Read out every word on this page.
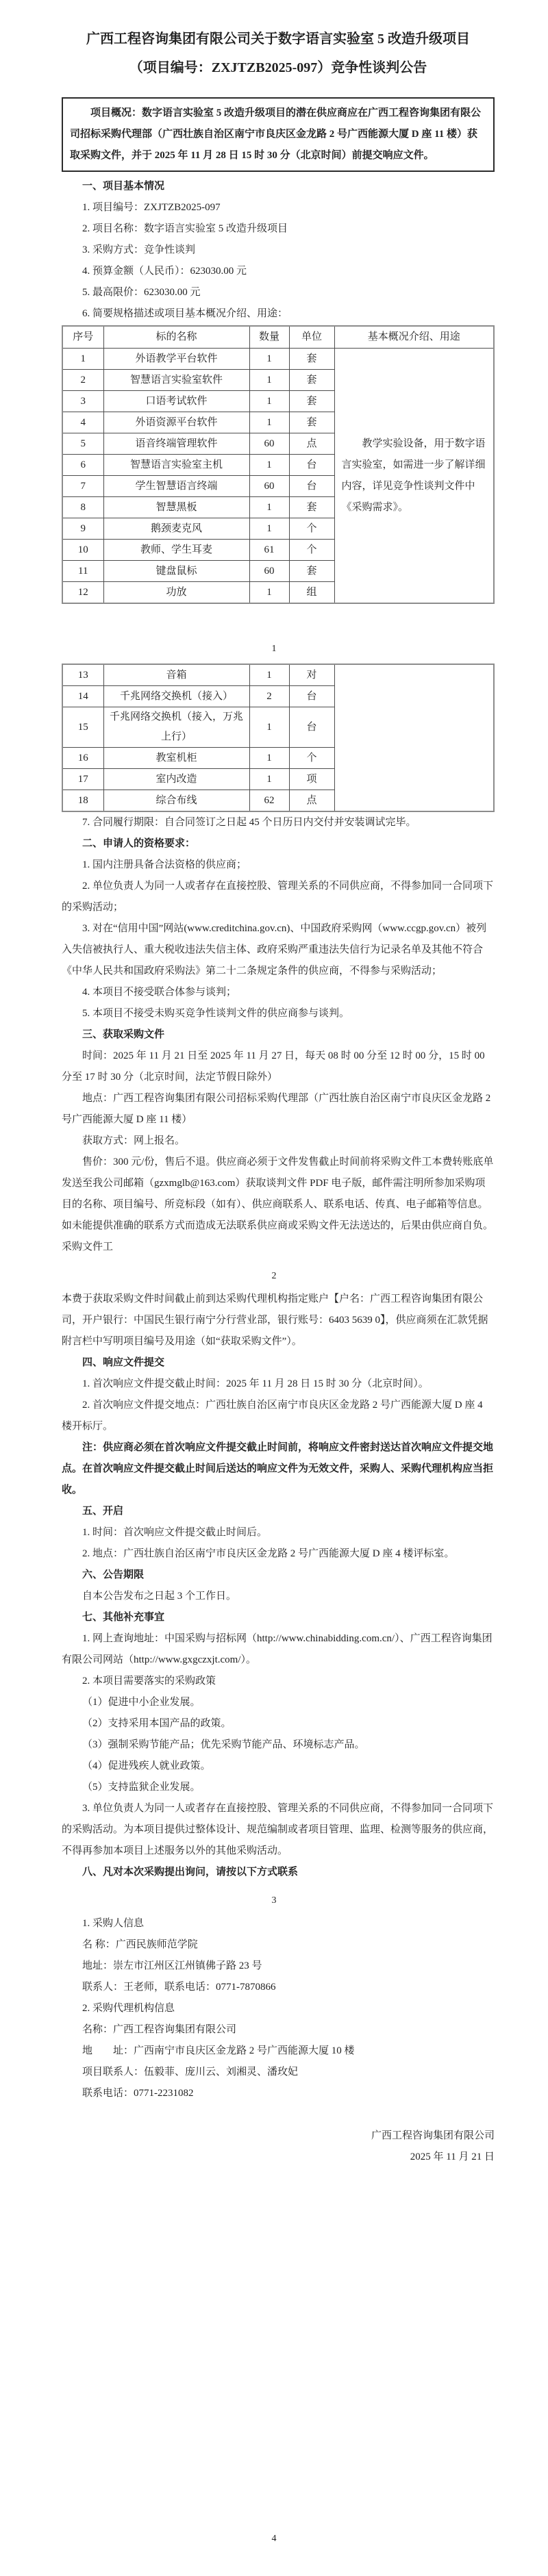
广西工程咨询集团有限公司关于数字语言实验室 5 改造升级项目
（项目编号：ZXJTZB2025-097）竞争性谈判公告

项目概况：数字语言实验室 5 改造升级项目的潜在供应商应在广西工程咨询集团有限公司招标采购代理部（广西壮族自治区南宁市良庆区金龙路 2 号广西能源大厦 D 座 11 楼）获取采购文件，并于 2025 年 11 月 28 日 15 时 30 分（北京时间）前提交响应文件。

一、项目基本情况

1. 项目编号：ZXJTZB2025-097

2. 项目名称：数字语言实验室 5 改造升级项目

3. 采购方式：竞争性谈判

4. 预算金额（人民币）：623030.00 元

5. 最高限价：623030.00 元

6. 简要规格描述或项目基本概况介绍、用途：

序号	标的名称	数量	单位	基本概况介绍、用途
1	外语教学平台软件	1	套	教学实验设备，用于数字语言实验室，如需进一步了解详细内容，详见竞争性谈判文件中《采购需求》。
2	智慧语言实验室软件	1	套	
3	口语考试软件	1	套	
4	外语资源平台软件	1	套	
5	语音终端管理软件	60	点	
6	智慧语言实验室主机	1	台	
7	学生智慧语言终端	60	台	
8	智慧黑板	1	套	
9	鹅颈麦克风	1	个	
10	教师、学生耳麦	61	个	
11	键盘鼠标	60	套	
12	功放	1	组	
1
13	音箱	1	对	
14	千兆网络交换机（接入）	2	台	
15	千兆网络交换机（接入，万兆上行）	1	台	
16	教室机柜	1	个	
17	室内改造	1	项	
18	综合布线	62	点	

7. 合同履行期限：自合同签订之日起 45 个日历日内交付并安装调试完毕。

二、申请人的资格要求：

1. 国内注册具备合法资格的供应商；

2. 单位负责人为同一人或者存在直接控股、管理关系的不同供应商，不得参加同一合同项下的采购活动；

3. 对在“信用中国”网站(www.creditchina.gov.cn)、中国政府采购网（www.ccgp.gov.cn）被列入失信被执行人、重大税收违法失信主体、政府采购严重违法失信行为记录名单及其他不符合《中华人民共和国政府采购法》第二十二条规定条件的供应商，不得参与采购活动；

4. 本项目不接受联合体参与谈判；

5. 本项目不接受未购买竞争性谈判文件的供应商参与谈判。

三、获取采购文件

时间：2025 年 11 月 21 日至 2025 年 11 月 27 日，每天 08 时 00 分至 12 时 00 分，15 时 00 分至 17 时 30 分（北京时间，法定节假日除外）

地点：广西工程咨询集团有限公司招标采购代理部（广西壮族自治区南宁市良庆区金龙路 2 号广西能源大厦 D 座 11 楼）

获取方式：网上报名。

售价：300 元/份，售后不退。供应商必须于文件发售截止时间前将采购文件工本费转账底单发送至我公司邮箱（gzxmglb@163.com）获取谈判文件 PDF 电子版，邮件需注明所参加采购项目的名称、项目编号、所竞标段（如有）、供应商联系人、联系电话、传真、电子邮箱等信息。如未能提供准确的联系方式而造成无法联系供应商或采购文件无法送达的，后果由供应商自负。采购文件工

2

本费于获取采购文件时间截止前到达采购代理机构指定账户【户名：广西工程咨询集团有限公司，开户银行：中国民生银行南宁分行营业部，银行账号：6403 5639 0】，供应商须在汇款凭据附言栏中写明项目编号及用途（如“获取采购文件”）。

四、响应文件提交

1. 首次响应文件提交截止时间：2025 年 11 月 28 日 15 时 30 分（北京时间）。

2. 首次响应文件提交地点：广西壮族自治区南宁市良庆区金龙路 2 号广西能源大厦 D 座 4 楼开标厅。

注：供应商必须在首次响应文件提交截止时间前，将响应文件密封送达首次响应文件提交地点。在首次响应文件提交截止时间后送达的响应文件为无效文件，采购人、采购代理机构应当拒收。

五、开启

1. 时间：首次响应文件提交截止时间后。

2. 地点：广西壮族自治区南宁市良庆区金龙路 2 号广西能源大厦 D 座 4 楼评标室。

六、公告期限

自本公告发布之日起 3 个工作日。

七、其他补充事宜

1. 网上查询地址：中国采购与招标网（http://www.chinabidding.com.cn/）、广西工程咨询集团有限公司网站（http://www.gxgczxjt.com/）。

2. 本项目需要落实的采购政策

（1）促进中小企业发展。

（2）支持采用本国产品的政策。

（3）强制采购节能产品；优先采购节能产品、环境标志产品。

（4）促进残疾人就业政策。

（5）支持监狱企业发展。

3. 单位负责人为同一人或者存在直接控股、管理关系的不同供应商，不得参加同一合同项下的采购活动。为本项目提供过整体设计、规范编制或者项目管理、监理、检测等服务的供应商，不得再参加本项目上述服务以外的其他采购活动。

八、凡对本次采购提出询问，请按以下方式联系

3

1. 采购人信息

名 称：广西民族师范学院

地址：崇左市江州区江州镇佛子路 23 号

联系人：王老师，联系电话：0771-7870866

2. 采购代理机构信息

名称：广西工程咨询集团有限公司

地　　址：广西南宁市良庆区金龙路 2 号广西能源大厦 10 楼

项目联系人：伍毅菲、庞川云、刘湘灵、潘玫妃

联系电话：0771-2231082

广西工程咨询集团有限公司

2025 年 11 月 21 日

4
